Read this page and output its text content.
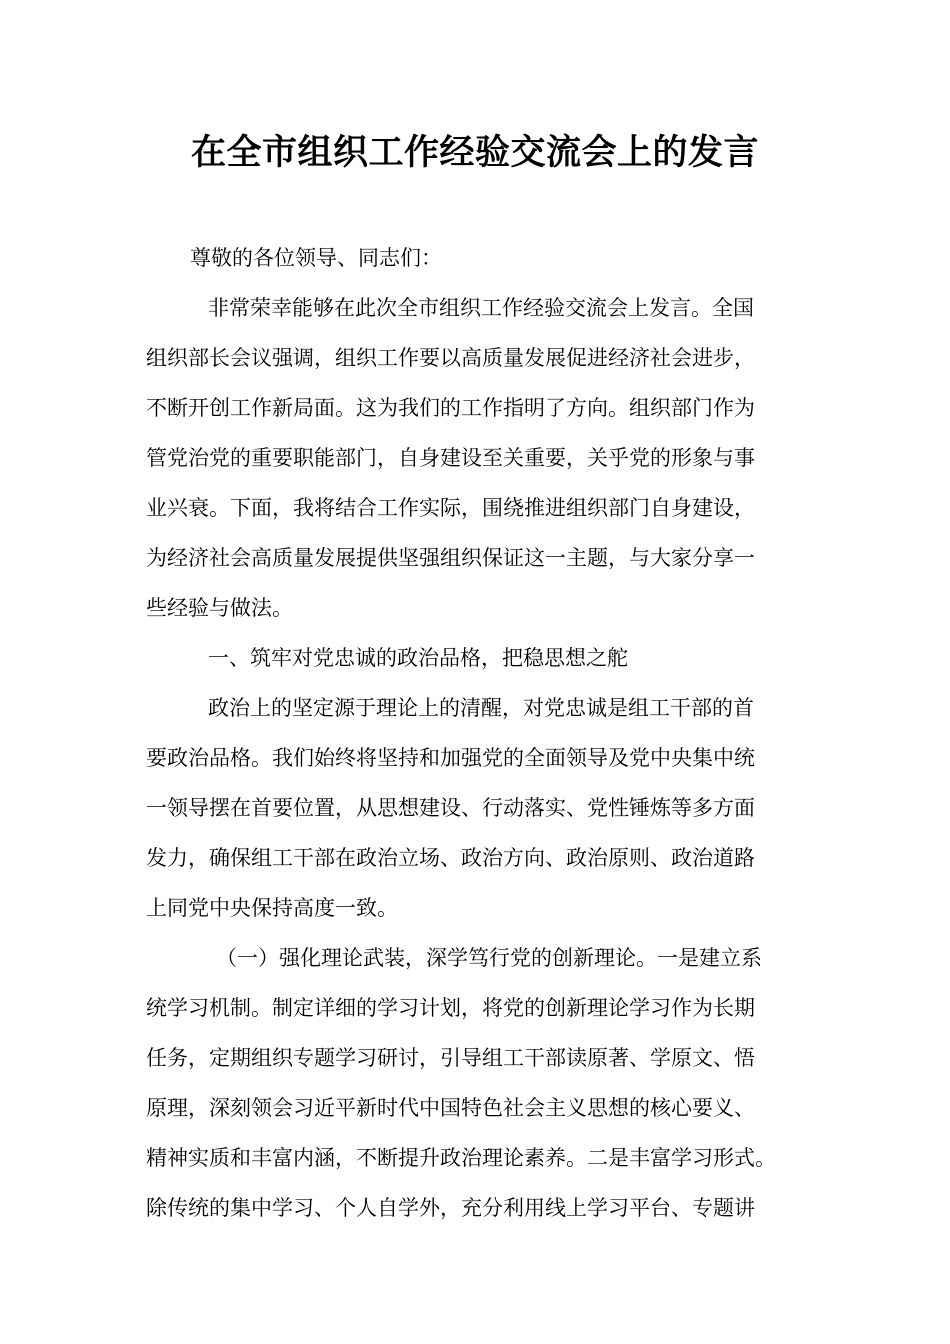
在全市组织工作经验交流会上的发言
尊敬的各位领导、同志们：
非常荣幸能够在此次全市组织工作经验交流会上发言。全国
组织部长会议强调，组织工作要以高质量发展促进经济社会进步，
不断开创工作新局面。这为我们的工作指明了方向。组织部门作为
管党治党的重要职能部门，自身建设至关重要，关乎党的形象与事
业兴衰。下面，我将结合工作实际，围绕推进组织部门自身建设，
为经济社会高质量发展提供坚强组织保证这一主题，与大家分享一
些经验与做法。
一、筑牢对党忠诚的政治品格，把稳思想之舵
政治上的坚定源于理论上的清醒，对党忠诚是组工干部的首
要政治品格。我们始终将坚持和加强党的全面领导及党中央集中统
一领导摆在首要位置，从思想建设、行动落实、党性锤炼等多方面
发力，确保组工干部在政治立场、政治方向、政治原则、政治道路
上同党中央保持高度一致。
（一）强化理论武装，深学笃行党的创新理论。一是建立系
统学习机制。制定详细的学习计划，将党的创新理论学习作为长期
任务，定期组织专题学习研讨，引导组工干部读原著、学原文、悟
原理，深刻领会习近平新时代中国特色社会主义思想的核心要义、
精神实质和丰富内涵，不断提升政治理论素养。二是丰富学习形式。
除传统的集中学习、个人自学外，充分利用线上学习平台、专题讲
